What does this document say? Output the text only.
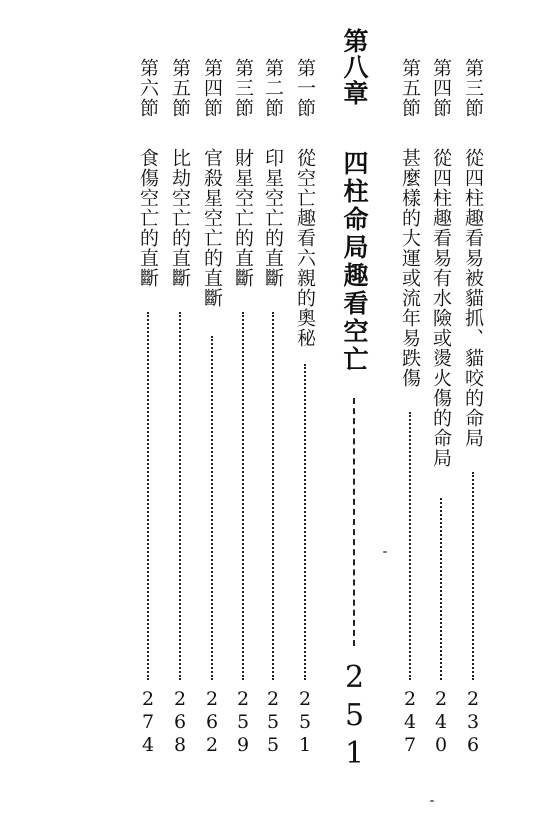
第三節
從四柱趣看易被貓抓、貓咬的命局
236
第四節
從四柱趣看易有水險或燙火傷的命局
240
第五節
甚麼樣的大運或流年易跌傷
247
第八章
四柱命局趣看空亡
251
第一節
從空亡趣看六親的奧秘
251
第二節
印星空亡的直斷
255
第三節
財星空亡的直斷
259
第四節
官殺星空亡的直斷
262
第五節
比劫空亡的直斷
268
第六節
食傷空亡的直斷
274
